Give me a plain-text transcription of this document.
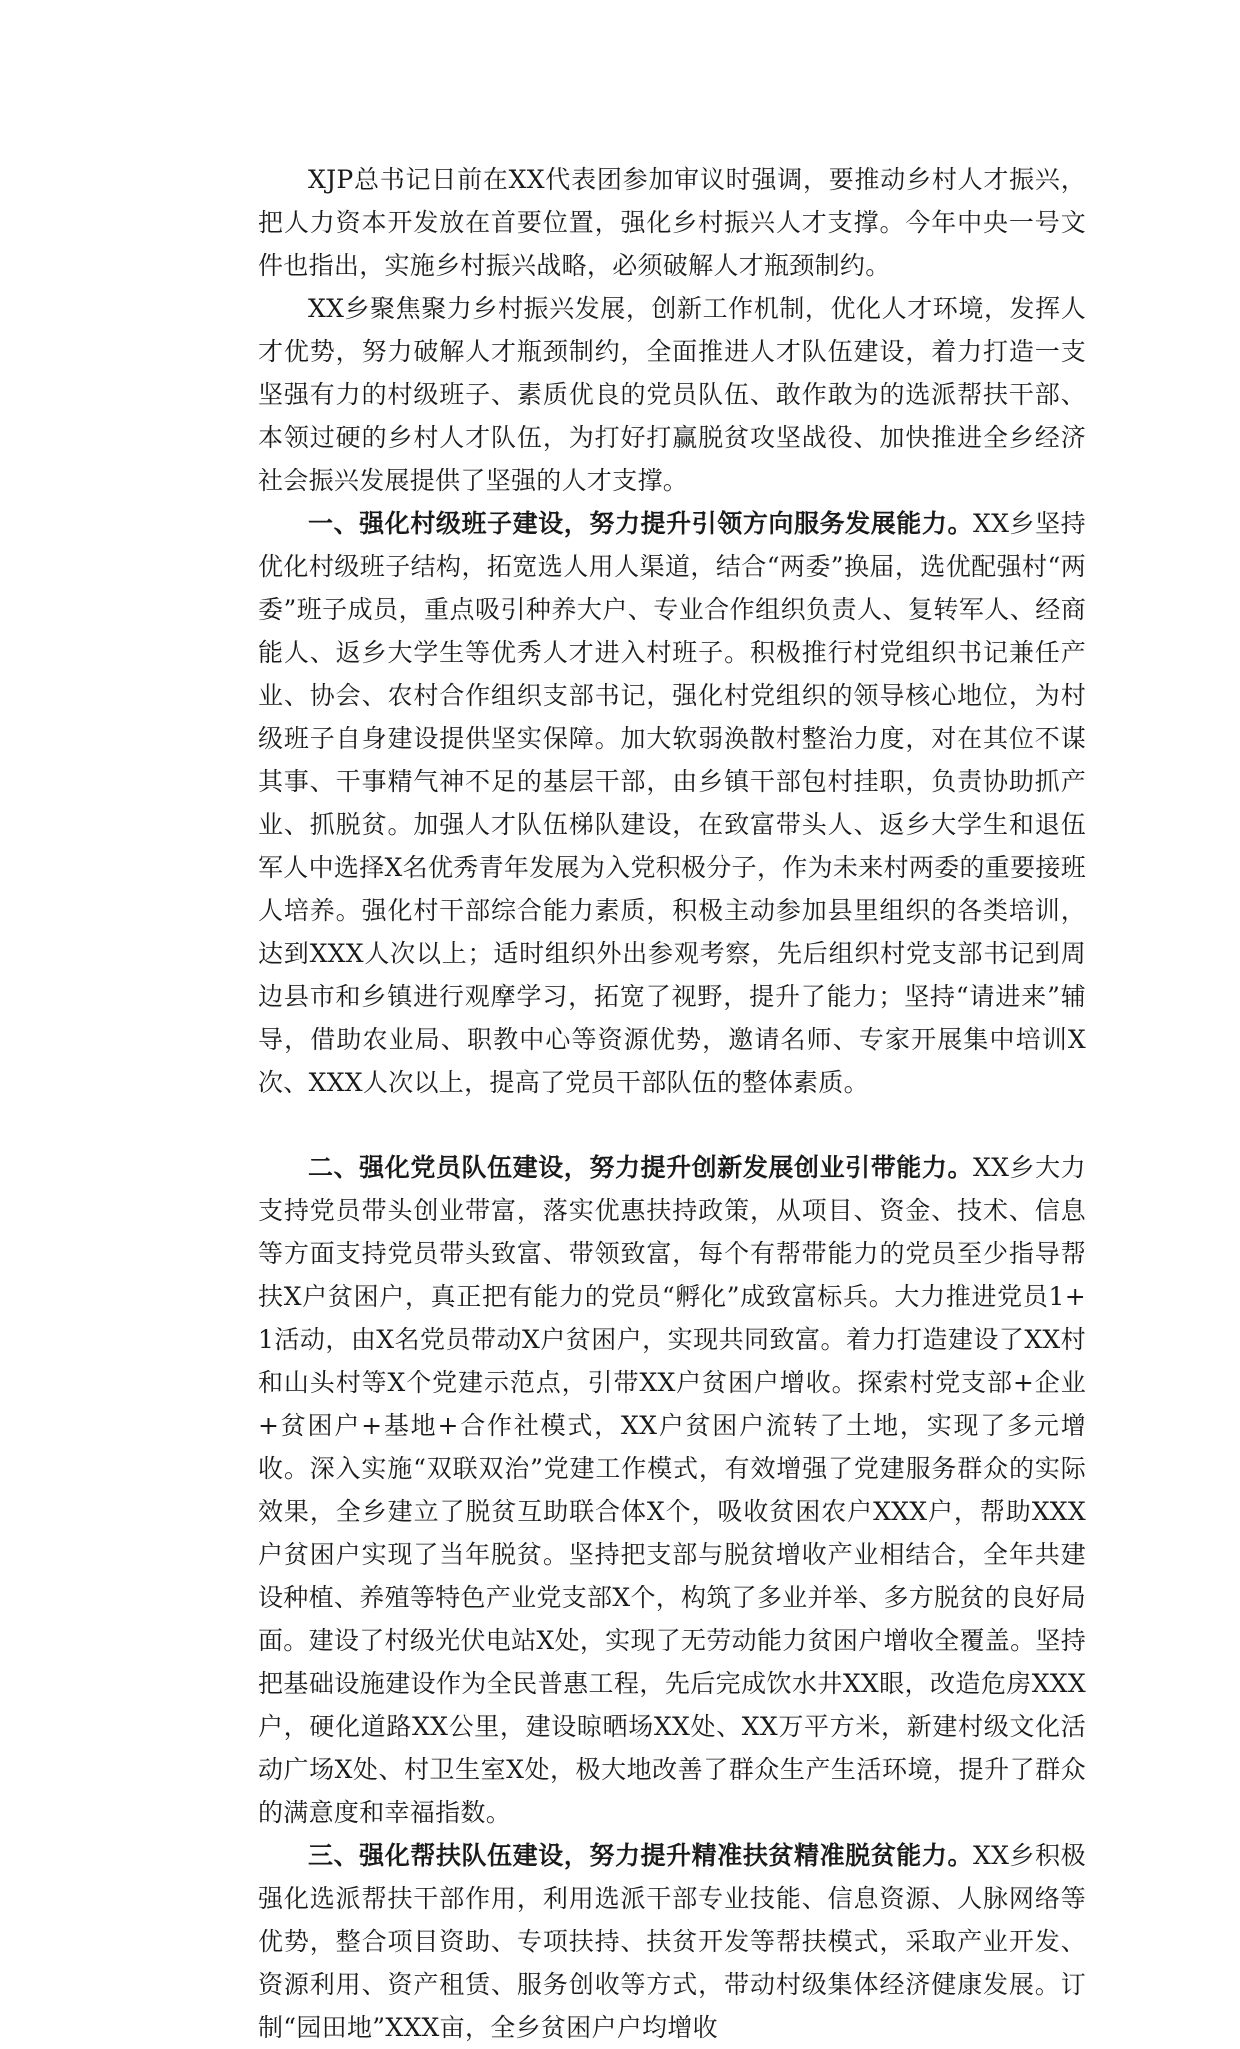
XJP总书记日前在XX代表团参加审议时强调，要推动乡村人才振兴，把人力资本开发放在首要位置，强化乡村振兴人才支撑。今年中央一号文件也指出，实施乡村振兴战略，必须破解人才瓶颈制约。

XX乡聚焦聚力乡村振兴发展，创新工作机制，优化人才环境，发挥人才优势，努力破解人才瓶颈制约，全面推进人才队伍建设，着力打造一支坚强有力的村级班子、素质优良的党员队伍、敢作敢为的选派帮扶干部、本领过硬的乡村人才队伍，为打好打赢脱贫攻坚战役、加快推进全乡经济社会振兴发展提供了坚强的人才支撑。

一、强化村级班子建设，努力提升引领方向服务发展能力。XX乡坚持优化村级班子结构，拓宽选人用人渠道，结合“两委”换届，选优配强村“两委”班子成员，重点吸引种养大户、专业合作组织负责人、复转军人、经商能人、返乡大学生等优秀人才进入村班子。积极推行村党组织书记兼任产业、协会、农村合作组织支部书记，强化村党组织的领导核心地位，为村级班子自身建设提供坚实保障。加大软弱涣散村整治力度，对在其位不谋其事、干事精气神不足的基层干部，由乡镇干部包村挂职，负责协助抓产业、抓脱贫。加强人才队伍梯队建设，在致富带头人、返乡大学生和退伍军人中选择X名优秀青年发展为入党积极分子，作为未来村两委的重要接班人培养。强化村干部综合能力素质，积极主动参加县里组织的各类培训，达到XXX人次以上；适时组织外出参观考察，先后组织村党支部书记到周边县市和乡镇进行观摩学习，拓宽了视野，提升了能力；坚持“请进来”辅导，借助农业局、职教中心等资源优势，邀请名师、专家开展集中培训X次、XXX人次以上，提高了党员干部队伍的整体素质。

二、强化党员队伍建设，努力提升创新发展创业引带能力。XX乡大力支持党员带头创业带富，落实优惠扶持政策，从项目、资金、技术、信息等方面支持党员带头致富、带领致富，每个有帮带能力的党员至少指导帮扶X户贫困户，真正把有能力的党员“孵化”成致富标兵。大力推进党员1+1活动，由X名党员带动X户贫困户，实现共同致富。着力打造建设了XX村和山头村等X个党建示范点，引带XX户贫困户增收。探索村党支部+企业+贫困户+基地+合作社模式，XX户贫困户流转了土地，实现了多元增收。深入实施“双联双治”党建工作模式，有效增强了党建服务群众的实际效果，全乡建立了脱贫互助联合体X个，吸收贫困农户XXX户，帮助XXX户贫困户实现了当年脱贫。坚持把支部与脱贫增收产业相结合，全年共建设种植、养殖等特色产业党支部X个，构筑了多业并举、多方脱贫的良好局面。建设了村级光伏电站X处，实现了无劳动能力贫困户增收全覆盖。坚持把基础设施建设作为全民普惠工程，先后完成饮水井XX眼，改造危房XXX户，硬化道路XX公里，建设晾晒场XX处、XX万平方米，新建村级文化活动广场X处、村卫生室X处，极大地改善了群众生产生活环境，提升了群众的满意度和幸福指数。

三、强化帮扶队伍建设，努力提升精准扶贫精准脱贫能力。XX乡积极强化选派帮扶干部作用，利用选派干部专业技能、信息资源、人脉网络等优势，整合项目资助、专项扶持、扶贫开发等帮扶模式，采取产业开发、资源利用、资产租赁、服务创收等方式，带动村级集体经济健康发展。订制“园田地”XXX亩，全乡贫困户户均增收
